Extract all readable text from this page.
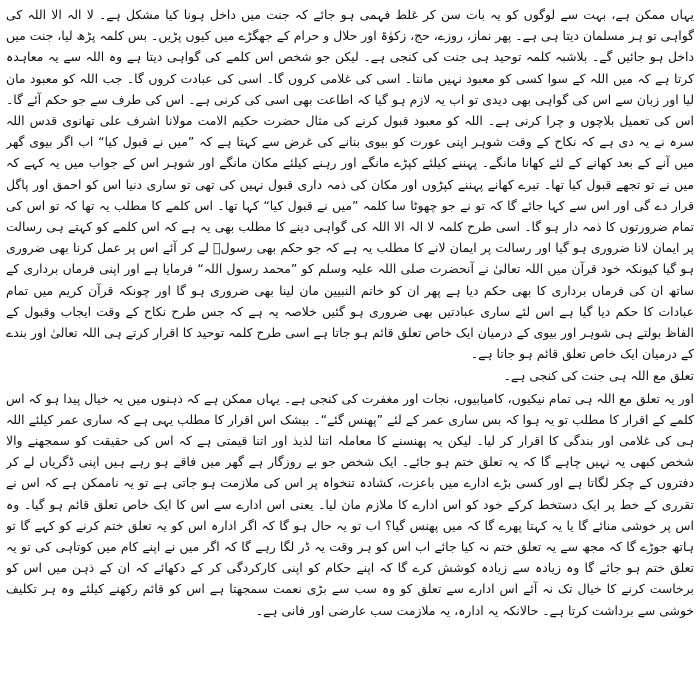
یہاں ممکن ہے، بہت سے لوگوں کو یہ بات سن کر غلط فہمی ہو جائے کہ جنت میں داخل ہونا کیا مشکل ہے۔ لا الہ الا اللہ کی گواہی تو ہر مسلمان دیتا ہی ہے۔ پھر نماز، روزے، حج، زکوٰۃ اور حلال و حرام کے جھگڑے میں کیوں پڑیں۔ بس کلمہ پڑھ لیا، جنت میں داخل ہو جائیں گے۔ بلاشبہ کلمہ توحید ہی جنت کی کنجی ہے۔ لیکن جو شخص اس کلمے کی گواہی دیتا ہے وہ اللہ سے یہ معاہدہ کرتا ہے کہ میں اللہ کے سوا کسی کو معبود نہیں مانتا۔ اسی کی غلامی کروں گا۔ اسی کی عبادت کروں گا۔ جب اللہ کو معبود مان لیا اور زبان سے اس کی گواہی بھی دیدی تو اب یہ لازم ہو گیا کہ اطاعت بھی اسی کی کرنی ہے۔ اس کی طرف سے جو حکم آئے گا۔ اس کی تعمیل بلاچوں و چرا کرنی ہے۔ اللہ کو معبود قبول کرنے کی مثال حضرت حکیم الامت مولانا اشرف علی تھانوی قدس اللہ سرہ نے یہ دی ہے کہ نکاح کے وقت شوہر اپنی عورت کو بیوی بنانے کی غرض سے کہتا ہے کہ ”میں نے قبول کیا“ اب اگر بیوی گھر میں آنے کے بعد کھانے کے لئے کھانا مانگے۔ پہننے کیلئے کپڑے مانگے اور رہنے کیلئے مکان مانگے اور شوہر اس کے جواب میں یہ کہے کہ میں نے تو تجھے قبول کیا تھا۔ تیرے کھانے پہننے کپڑوں اور مکان کی ذمہ داری قبول نہیں کی تھی تو ساری دنیا اس کو احمق اور پاگل قرار دے گی اور اس سے کہا جائے گا کہ تو نے جو چھوٹا سا کلمہ ”میں نے قبول کیا“ کہا تھا۔ اس کلمے کا مطلب یہ تھا کہ تو اس کی تمام ضرورتوں کا ذمہ دار ہو گا۔ اسی طرح کلمہ لا الہ الا اللہ کی گواہی دینے کا مطلب بھی یہ ہے کہ اس کلمے کو کہتے ہی رسالت پر ایمان لانا ضروری ہو گیا اور رسالت پر ایمان لانے کا مطلب یہ ہے کہ جو حکم بھی رسولؐ لے کر آئے اس پر عمل کرنا بھی ضروری ہو گیا کیونکہ خود قرآن میں اللہ تعالیٰ نے آنحضرت صلی اللہ علیہ وسلم کو ”محمد رسول اللہ“ فرمایا ہے اور اپنی فرماں برداری کے ساتھ ان کی فرماں برداری کا بھی حکم دیا ہے پھر ان کو خاتم النبیین مان لینا بھی ضروری ہو گا اور چونکہ قرآن کریم میں تمام عبادات کا حکم دیا گیا ہے اس لئے ساری عبادتیں بھی ضروری ہو گئیں خلاصہ یہ ہے کہ جس طرح نکاح کے وقت ایجاب وقبول کے الفاظ بولتے ہی شوہر اور بیوی کے درمیان ایک خاص تعلق قائم ہو جاتا ہے اسی طرح کلمہ توحید کا اقرار کرتے ہی اللہ تعالیٰ اور بندے کے درمیان ایک خاص تعلق قائم ہو جاتا ہے۔

تعلق مع اللہ ہی جنت کی کنجی ہے۔

اور یہ تعلق مع اللہ ہی تمام نیکیوں، کامیابیوں، نجات اور مغفرت کی کنجی ہے۔ یہاں ممکن ہے کہ ذہنوں میں یہ خیال پیدا ہو کہ اس کلمے کے اقرار کا مطلب تو یہ ہوا کہ بس ساری عمر کے لئے ”پھنس گئے“۔ بیشک اس اقرار کا مطلب یہی ہے کہ ساری عمر کیلئے اللہ ہی کی غلامی اور بندگی کا اقرار کر لیا۔ لیکن یہ پھنسنے کا معاملہ اتنا لذیذ اور اتنا قیمتی ہے کہ اس کی حقیقت کو سمجھنے والا شخص کبھی یہ نہیں چاہے گا کہ یہ تعلق ختم ہو جائے۔ ایک شخص جو بے روزگار ہے گھر میں فاقے ہو رہے ہیں اپنی ڈگریاں لے کر دفتروں کے چکر لگاتا ہے اور کسی بڑے ادارے میں باعزت، کشادہ تنخواہ پر اس کی ملازمت ہو جاتی ہے تو یہ ناممکن ہے کہ اس نے تقرری کے خط پر ایک دستخط کرکے خود کو اس ادارے کا ملازم مان لیا۔ یعنی اس ادارے سے اس کا ایک خاص تعلق قائم ہو گیا۔ وہ اس پر خوشی منائے گا یا یہ کہتا پھرے گا کہ میں پھنس گیا؟ اب تو یہ حال ہو گا کہ اگر ادارہ اس کو یہ تعلق ختم کرنے کو کہے گا تو ہاتھ جوڑے گا کہ مجھ سے یہ تعلق ختم نہ کیا جائے اب اس کو ہر وقت یہ ڈر لگا رہے گا کہ اگر میں نے اپنے کام میں کوتاہی کی تو یہ تعلق ختم ہو جائے گا وہ زیادہ سے زیادہ کوشش کرے گا کہ اپنے حکام کو اپنی کارکردگی کر کے دکھائے کہ ان کے ذہن میں اس کو برخاست کرنے کا خیال تک نہ آئے اس ادارے سے تعلق کو وہ سب سے بڑی نعمت سمجھتا ہے اس کو قائم رکھنے کیلئے وہ ہر تکلیف خوشی سے برداشت کرتا ہے۔ حالانکہ یہ ادارہ، یہ ملازمت سب عارضی اور فانی ہے۔
